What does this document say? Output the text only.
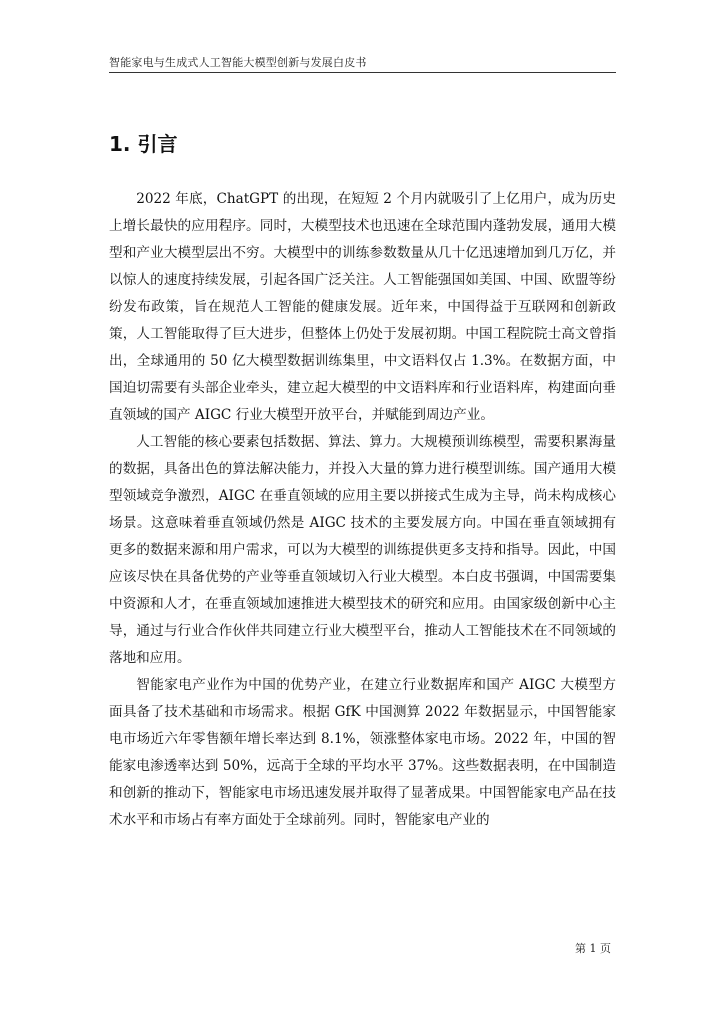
智能家电与生成式人工智能大模型创新与发展白皮书
1. 引言

2022 年底，ChatGPT 的出现，在短短 2 个月内就吸引了上亿用户，成为历史上增长最快的应用程序。同时，大模型技术也迅速在全球范围内蓬勃发展，通用大模型和产业大模型层出不穷。大模型中的训练参数数量从几十亿迅速增加到几万亿，并以惊人的速度持续发展，引起各国广泛关注。人工智能强国如美国、中国、欧盟等纷纷发布政策，旨在规范人工智能的健康发展。近年来，中国得益于互联网和创新政策，人工智能取得了巨大进步，但整体上仍处于发展初期。中国工程院院士高文曾指出，全球通用的 50 亿大模型数据训练集里，中文语料仅占 1.3%。在数据方面，中国迫切需要有头部企业牵头，建立起大模型的中文语料库和行业语料库，构建面向垂直领域的国产 AIGC 行业大模型开放平台，并赋能到周边产业。

人工智能的核心要素包括数据、算法、算力。大规模预训练模型，需要积累海量的数据，具备出色的算法解决能力，并投入大量的算力进行模型训练。国产通用大模型领域竞争激烈，AIGC 在垂直领域的应用主要以拼接式生成为主导，尚未构成核心场景。这意味着垂直领域仍然是 AIGC 技术的主要发展方向。中国在垂直领域拥有更多的数据来源和用户需求，可以为大模型的训练提供更多支持和指导。因此，中国应该尽快在具备优势的产业等垂直领域切入行业大模型。本白皮书强调，中国需要集中资源和人才，在垂直领域加速推进大模型技术的研究和应用。由国家级创新中心主导，通过与行业合作伙伴共同建立行业大模型平台，推动人工智能技术在不同领域的落地和应用。

智能家电产业作为中国的优势产业，在建立行业数据库和国产 AIGC 大模型方面具备了技术基础和市场需求。根据 GfK 中国测算 2022 年数据显示，中国智能家电市场近六年零售额年增长率达到 8.1%，领涨整体家电市场。2022 年，中国的智能家电渗透率达到 50%，远高于全球的平均水平 37%。这些数据表明，在中国制造和创新的推动下，智能家电市场迅速发展并取得了显著成果。中国智能家电产品在技术水平和市场占有率方面处于全球前列。同时，智能家电产业的

第 1 页
